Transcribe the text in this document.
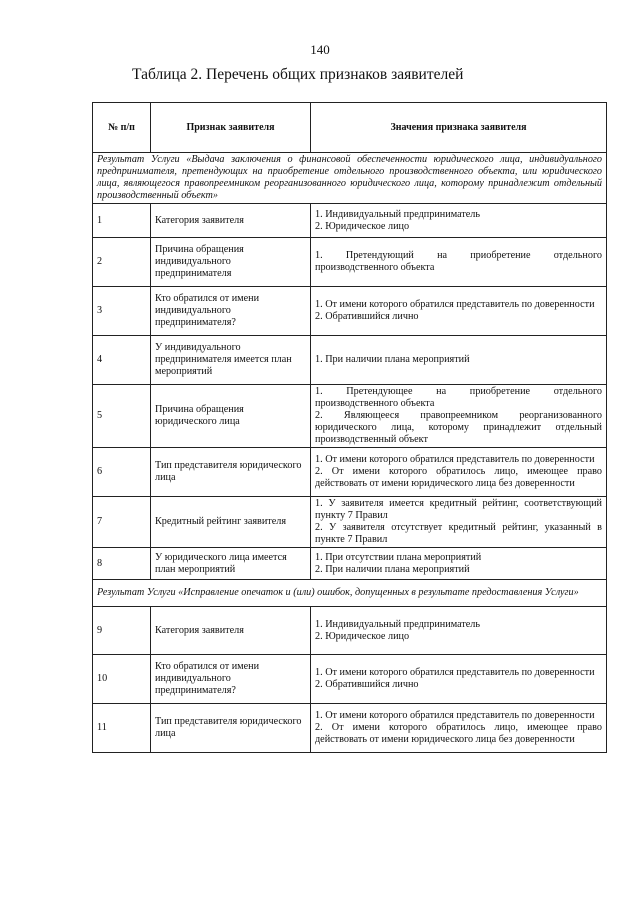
140
Таблица 2. Перечень общих признаков заявителей
№ п/п	Признак заявителя	Значения признака заявителя
Результат Услуги «Выдача заключения о финансовой обеспеченности юридического лица, индивидуального предпринимателя, претендующих на приобретение отдельного производственного объекта, или юридического лица, являющегося правопреемником реорганизованного юридического лица, которому принадлежит отдельный производственный объект»		
1	Категория заявителя	1. Индивидуальный предприниматель
2. Юридическое лицо

2	Причина обращения индивидуального предпринимателя	1. Претендующий на приобретение отдельного производственного объекта

3	Кто обратился от имени индивидуального предпринимателя?	1. От имени которого обратился представитель по доверенности
2. Обратившийся лично

4	У индивидуального предпринимателя имеется план мероприятий	1. При наличии плана мероприятий

5	Причина обращения юридического лица	1. Претендующее на приобретение отдельного производственного объекта
2. Являющееся правопреемником реорганизованного юридического лица, которому принадлежит отдельный производственный объект

6	Тип представителя юридического лица	1. От имени которого обратился представитель по доверенности
2. От имени которого обратилось лицо, имеющее право действовать от имени юридического лица без доверенности

7	Кредитный рейтинг заявителя	1. У заявителя имеется кредитный рейтинг, соответствующий пункту 7 Правил
2. У заявителя отсутствует кредитный рейтинг, указанный в пункте 7 Правил

8	У юридического лица имеется план мероприятий	1. При отсутствии плана мероприятий
2. При наличии плана мероприятий

Результат Услуги «Исправление опечаток и (или) ошибок, допущенных в результате предоставления Услуги»		
9	Категория заявителя	1. Индивидуальный предприниматель
2. Юридическое лицо

10	Кто обратился от имени индивидуального предпринимателя?	1. От имени которого обратился представитель по доверенности
2. Обратившийся лично

11	Тип представителя юридического лица	1. От имени которого обратился представитель по доверенности
2. От имени которого обратилось лицо, имеющее право действовать от имени юридического лица без доверенности
